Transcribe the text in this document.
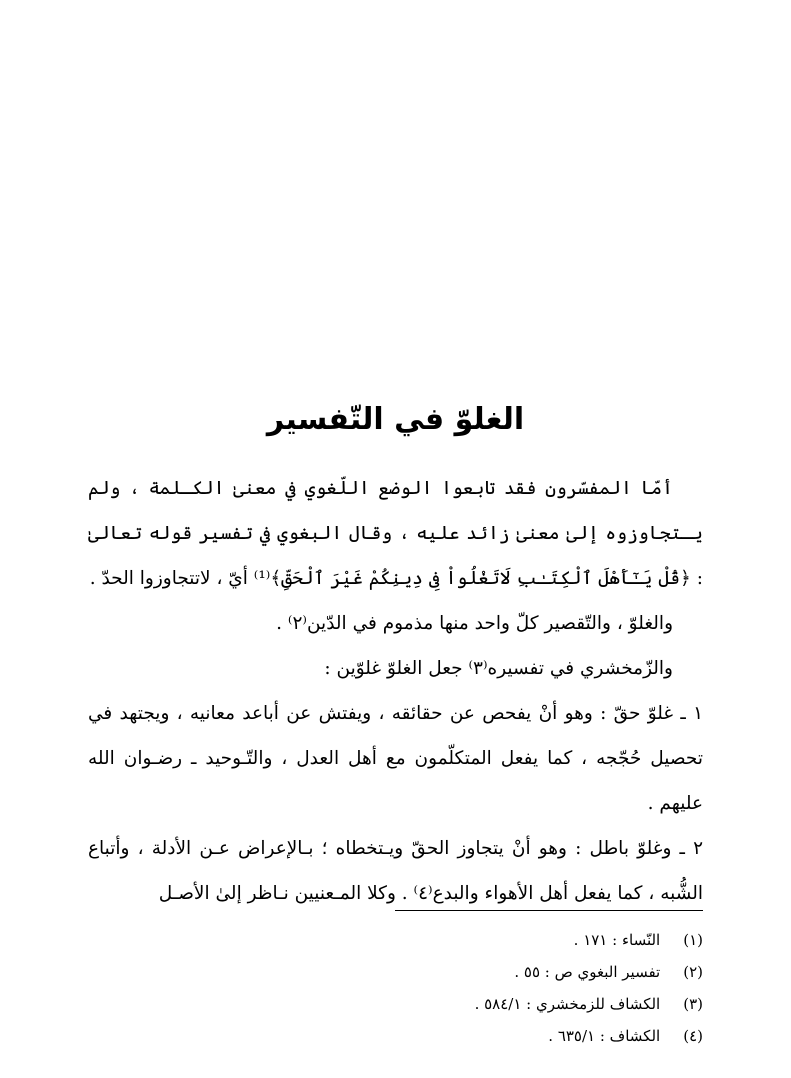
الغلوّ في التّفسير

أمّا المفسّرون فقد تابعوا الوضع اللّغوي في معنىٰ الكـلمة ، ولم يـتجاوزوه إلىٰ معنىٰ زائد عليه ، وقال البغوي في تفسير قوله تعالىٰ : ﴿قُلْ يَـٰٓأَهْلَ ٱلْكِتَـٰبِ لَاتَغْلُواْ فِى دِينِكُمْ غَيْرَ ٱلْحَقِّ﴾⁽¹⁾ أيّ ، لاتتجاوزوا الحدّ .

والغلوّ ، والتّقصير كلّ واحد منها مذموم في الدّين⁽٢⁾ .

والزّمخشري في تفسيره⁽٣⁾ جعل الغلوّ غلوّين :

١ ـ غلوّ حقّ : وهو أنْ يفحص عن حقائقه ، ويفتش عن أباعد معانيه ، ويجتهد في تحصيل حُجّجه ، كما يفعل المتكلّمون مع أهل العدل ، والتّـوحيد ـ رضـوان الله عليهم .

٢ ـ وغلوّ باطل : وهو أنْ يتجاوز الحقّ ويـتخطاه ؛ بـالإعراض عـن الأدلة ، وأتباع الشُّبه ، كما يفعل أهل الأهواء والبدع⁽٤⁾ . وكلا المـعنيين نـاظر إلىٰ الأصـل

(١) النّساء : ١٧١ .
(٢) تفسير البغوي ص : ٥٥ .
(٣) الكشاف للزمخشري : ٥٨٤/١ .
(٤) الكشاف : ٦٣٥/١ .
